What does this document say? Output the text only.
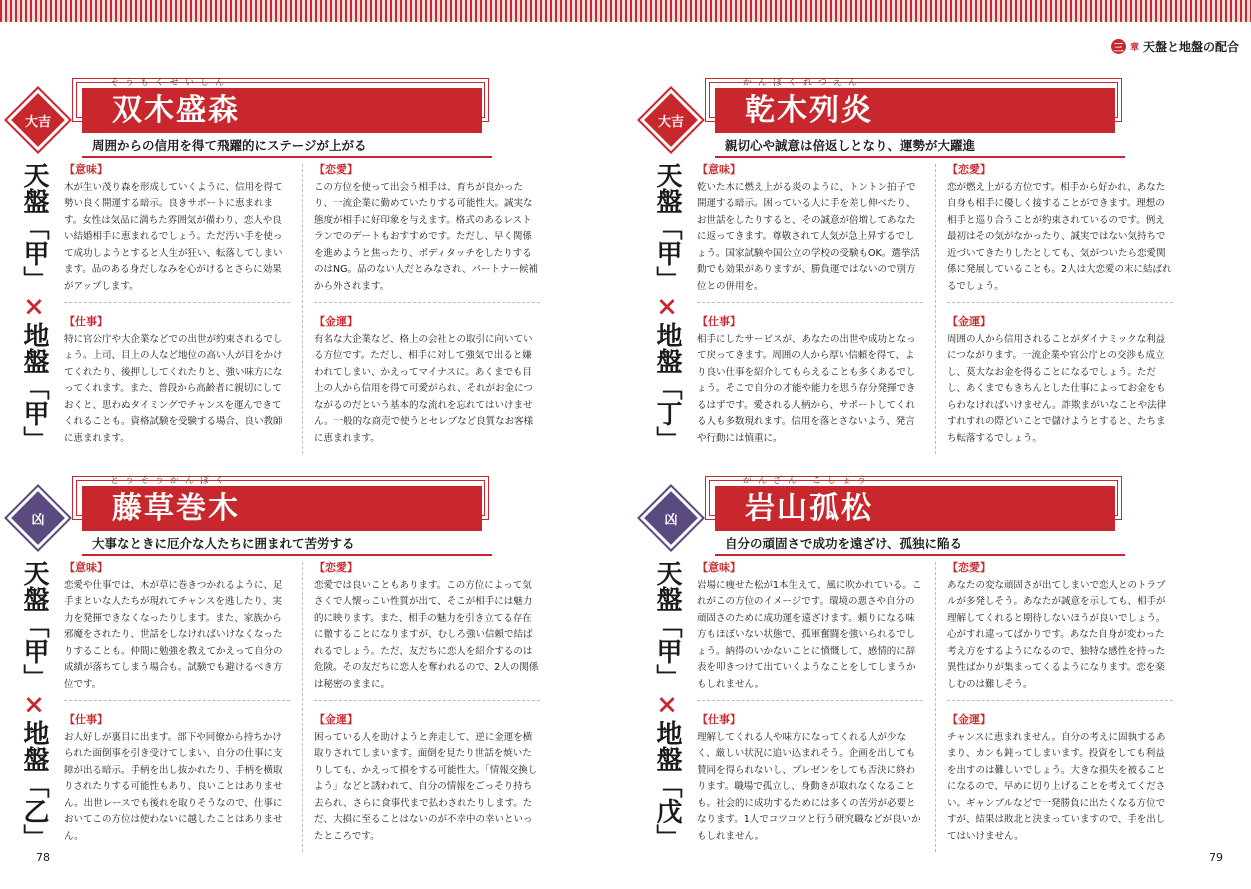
三 章 天盤と地盤の配合
78	79
双木盛森
そうもくせいしん
大吉
周囲からの信用を得て飛躍的にステージが上がる
天盤「甲」×地盤「甲」
【意味】

木が生い茂り森を形成していくように、信用を得て勢い良く開運する暗示。良きサポートに恵まれます。女性は気品に満ちた雰囲気が備わり、恋人や良い結婚相手に恵まれるでしょう。ただ汚い手を使って成功しようとすると人生が狂い、転落してしまいます。品のある身だしなみを心がけるとさらに効果がアップします。

【仕事】

特に官公庁や大企業などでの出世が約束されるでしょう。上司、目上の人など地位の高い人が目をかけてくれたり、後押ししてくれたりと、強い味方になってくれます。また、普段から高齢者に親切にしておくと、思わぬタイミングでチャンスを運んできてくれることも。資格試験を受験する場合、良い教師に恵まれます。

【恋愛】

この方位を使って出会う相手は、育ちが良かったり、一流企業に勤めていたりする可能性大。誠実な態度が相手に好印象を与えます。格式のあるレストランでのデートもおすすめです。ただし、早く関係を進めようと焦ったり、ボディタッチをしたりするのはNG。品のない人だとみなされ、パートナー候補から外されます。

【金運】

有名な大企業など、格上の会社との取引に向いている方位です。ただし、相手に対して強気で出ると嫌われてしまい、かえってマイナスに。あくまでも目上の人から信用を得て可愛がられ、それがお金につながるのだという基本的な流れを忘れてはいけません。一般的な商売で使うとセレブなど良質なお客様に恵まれます。

乾木列炎
かんぼくれつえん
大吉
親切心や誠意は倍返しとなり、運勢が大躍進
天盤「甲」×地盤「丁」
【意味】

乾いた木に燃え上がる炎のように、トントン拍子で開運する暗示。困っている人に手を差し伸べたり、お世話をしたりすると、その誠意が倍増してあなたに返ってきます。尊敬されて人気が急上昇するでしょう。国家試験や国公立の学校の受験もOK。選挙活動でも効果がありますが、勝負運ではないので別方位との併用を。

【仕事】

相手にしたサービスが、あなたの出世や成功となって戻ってきます。周囲の人から厚い信頼を得て、より良い仕事を紹介してもらえることも多くあるでしょう。そこで自分の才能や能力を思う存分発揮できるはずです。愛される人柄から、サポートしてくれる人も多数現れます。信用を落とさないよう、発言や行動には慎重に。

【恋愛】

恋が燃え上がる方位です。相手から好かれ、あなた自身も相手に優しく接することができます。理想の相手と巡り合うことが約束されているのです。例え最初はその気がなかったり、誠実ではない気持ちで近づいてきたりしたとしても、気がついたら恋愛関係に発展していることも。2人は大恋愛の末に結ばれるでしょう。

【金運】

周囲の人から信用されることがダイナミックな利益につながります。一流企業や官公庁との交渉も成立し、莫大なお金を得ることになるでしょう。ただし、あくまでもきちんとした仕事によってお金をもらわなければいけません。詐欺まがいなことや法律すれすれの際どいことで儲けようとすると、たちまち転落するでしょう。

藤草巻木
とうそうかんぼく
凶
大事なときに厄介な人たちに囲まれて苦労する
天盤「甲」×地盤「乙」
【意味】

恋愛や仕事では、木が草に巻きつかれるように、足手まといな人たちが現れてチャンスを逃したり、実力を発揮できなくなったりします。また、家族から邪魔をされたり、世話をしなければいけなくなったりすることも。仲間に勉強を教えてかえって自分の成績が落ちてしまう場合も。試験でも避けるべき方位です。

【仕事】

お人好しが裏目に出ます。部下や同僚から持ちかけられた面倒事を引き受けてしまい、自分の仕事に支障が出る暗示。手柄を出し抜かれたり、手柄を横取りされたりする可能性もあり、良いことはありません。出世レースでも後れを取りそうなので、仕事においてこの方位は使わないに越したことはありません。

【恋愛】

恋愛では良いこともあります。この方位によって気さくで人懐っこい性質が出て、そこが相手には魅力的に映ります。また、相手の魅力を引き立てる存在に徹することになりますが、むしろ強い信頼で結ばれるでしょう。ただ、友だちに恋人を紹介するのは危険。その友だちに恋人を奪われるので、2人の関係は秘密のままに。

【金運】

困っている人を助けようと奔走して、逆に金運を横取りされてしまいます。面倒を見たり世話を焼いたりしても、かえって損をする可能性大。「情報交換しよう」などと誘われて、自分の情報をごっそり持ち去られ、さらに食事代まで払わされたりします。ただ、大損に至ることはないのが不幸中の幸いといったところです。

岩山孤松
がんざん こしょう
凶
自分の頑固さで成功を遠ざけ、孤独に陥る
天盤「甲」×地盤「戊」
【意味】

岩場に痩せた松が1本生えて、風に吹かれている。これがこの方位のイメージです。環境の悪さや自分の頑固さのために成功運を遠ざけます。頼りになる味方もほぼいない状態で、孤軍奮闘を強いられるでしょう。納得のいかないことに憤慨して、感情的に辞表を叩きつけて出ていくようなことをしてしまうかもしれません。

【仕事】

理解してくれる人や味方になってくれる人が少なく、厳しい状況に追い込まれそう。企画を出しても賛同を得られないし、プレゼンをしても否決に終わります。職場で孤立し、身動きが取れなくなることも。社会的に成功するためには多くの苦労が必要となります。1人でコツコツと行う研究職などが良いかもしれません。

【恋愛】

あなたの変な頑固さが出てしまいで恋人とのトラブルが多発しそう。あなたが誠意を示しても、相手が理解してくれると期待しないほうが良いでしょう。心がすれ違ってばかりです。あなた自身が変わった考え方をするようになるので、独特な感性を持った異性ばかりが集まってくるようになります。恋を楽しむのは難しそう。

【金運】

チャンスに恵まれません。自分の考えに固執するあまり、カンも鈍ってしまいます。投資をしても利益を出すのは難しいでしょう。大きな損失を被ることになるので、早めに切り上げることを考えてください。ギャンブルなどで一発勝負に出たくなる方位ですが、結果は敗北と決まっていますので、手を出してはいけません。
